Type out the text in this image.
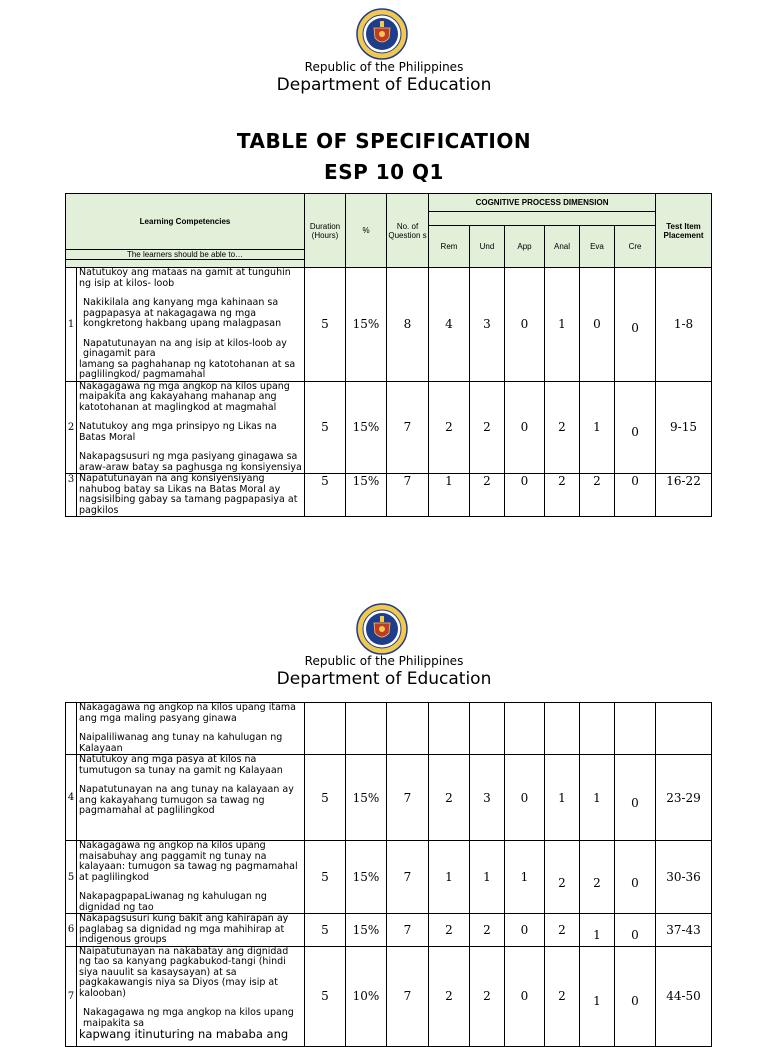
Republic of the Philippines
Department of Education
TABLE OF SPECIFICATION
ESP 10 Q1
Learning Competencies		Duration (Hours)	%	No. of Question s	COGNITIVE PROCESS DIMENSION						Test Item Placement

					Rem	Und	App	Anal	Eva	Cre	
The learners should be able to…											

1	Natutukoy ang mataas na gamit at tunguhin ng isip at kilos- loob

Nakikilala ang kanyang mga kahinaan sa pagpapasya at nakagagawa ng mga kongkretong hakbang upang malagpasan

Napatutunayan na ang isip at kilos-loob ay ginagamit para

lamang sa paghahanap ng katotohanan at sa paglilingkod/ pagmamahal	5	15%	8	4	3	0	1	0	0	1-8
2	Nakagagawa ng mga angkop na kilos upang maipakita ang kakayahang mahanap ang katotohanan at maglingkod at magmahal

Natutukoy ang mga prinsipyo ng Likas na Batas Moral

Nakapagsusuri ng mga pasiyang ginagawa sa araw-araw batay sa paghusga ng konsiyensiya	5	15%	7	2	2	0	2	1	0	9-15
3	Napatutunayan na ang konsiyensiyang nahubog batay sa Likas na Batas Moral ay nagsisilbing gabay sa tamang pagpapasiya at pagkilos	5	15%	7	1	2	0	2	2	0	16-22
Republic of the Philippines
Department of Education

	Nakagagawa ng angkop na kilos upang itama ang mga maling pasyang ginawa

Naipaliliwanag ang tunay na kahulugan ng Kalayaan										

4	Natutukoy ang mga pasya at kilos na tumutugon sa tunay na gamit ng Kalayaan

Napatutunayan na ang tunay na kalayaan ay ang kakayahang tumugon sa tawag ng pagmamahal at paglilingkod	5	15%	7	2	3	0	1	1	0	23-29
5	Nakagagawa ng angkop na kilos upang maisabuhay ang paggamit ng tunay na kalayaan: tumugon sa tawag ng pagmamahal at paglilingkod

NakapagpapaLiwanag ng kahulugan ng dignidad ng tao	5	15%	7	1	1	1	2	2	0	30-36
6	Nakapagsusuri kung bakit ang kahirapan ay paglabag sa dignidad ng mga mahihirap at indigenous groups	5	15%	7	2	2	0	2	1	0	37-43
7	Naipatutunayan na nakabatay ang dignidad ng tao sa kanyang pagkabukod-tangi (hindi siya nauulit sa kasaysayan) at sa pagkakawangis niya sa Diyos (may isip at kalooban)

Nakagagawa ng mga angkop na kilos upang maipakita sa

kapwang itinuturing na mababa ang	5	10%	7	2	2	0	2	1	0	44-50
